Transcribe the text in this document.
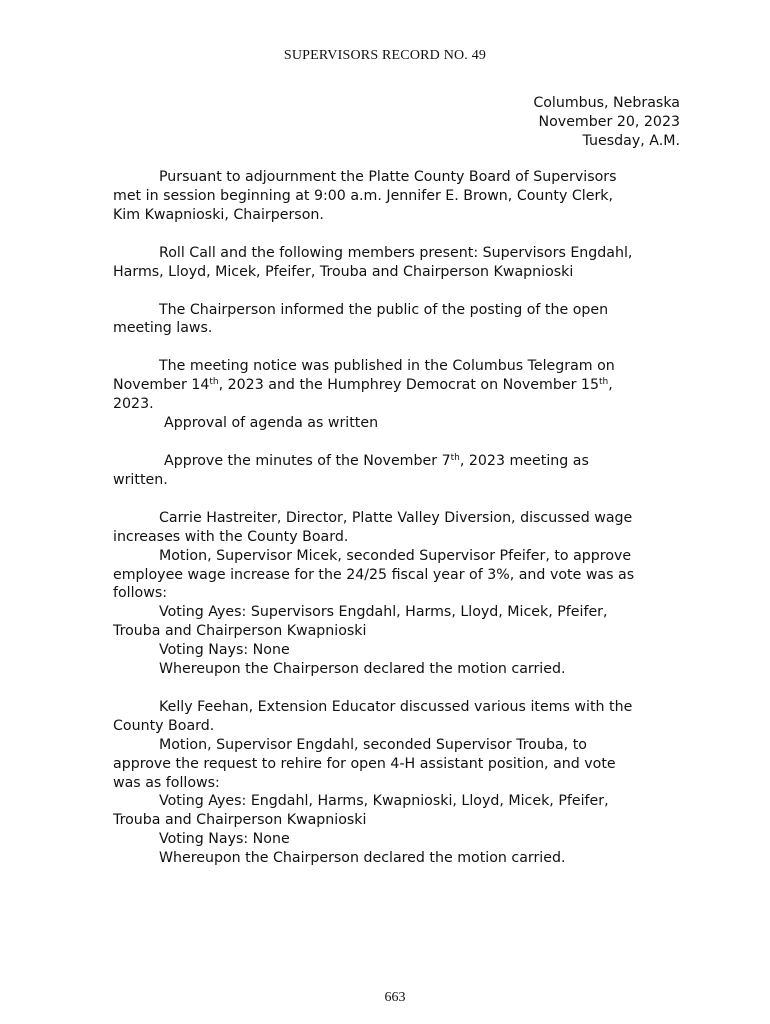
SUPERVISORS RECORD NO. 49
Columbus, Nebraska
November 20, 2023
Tuesday, A.M.
Pursuant to adjournment the Platte County Board of Supervisors
met in session beginning at 9:00 a.m. Jennifer E. Brown, County Clerk,
Kim Kwapnioski, Chairperson.
Roll Call and the following members present: Supervisors Engdahl,
Harms, Lloyd, Micek, Pfeifer, Trouba and Chairperson Kwapnioski
The Chairperson informed the public of the posting of the open
meeting laws.
The meeting notice was published in the Columbus Telegram on
November 14th, 2023 and the Humphrey Democrat on November 15th,
2023.
Approval of agenda as written
Approve the minutes of the November 7th, 2023 meeting as
written.
Carrie Hastreiter, Director, Platte Valley Diversion, discussed wage
increases with the County Board.
Motion, Supervisor Micek, seconded Supervisor Pfeifer, to approve
employee wage increase for the 24/25 fiscal year of 3%, and vote was as
follows:
Voting Ayes: Supervisors Engdahl, Harms, Lloyd, Micek, Pfeifer,
Trouba and Chairperson Kwapnioski
Voting Nays: None
Whereupon the Chairperson declared the motion carried.
Kelly Feehan, Extension Educator discussed various items with the
County Board.
Motion, Supervisor Engdahl, seconded Supervisor Trouba, to
approve the request to rehire for open 4-H assistant position, and vote
was as follows:
Voting Ayes: Engdahl, Harms, Kwapnioski, Lloyd, Micek, Pfeifer,
Trouba and Chairperson Kwapnioski
Voting Nays: None
Whereupon the Chairperson declared the motion carried.
663
